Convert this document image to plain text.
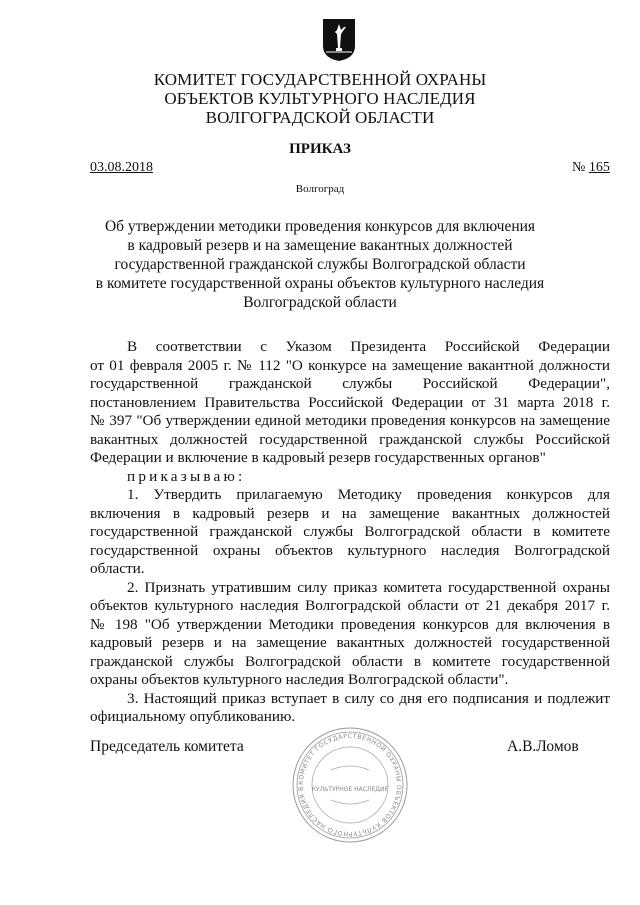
КОМИТЕТ ГОСУДАРСТВЕННОЙ ОХРАНЫ
ОБЪЕКТОВ КУЛЬТУРНОГО НАСЛЕДИЯ
ВОЛГОГРАДСКОЙ ОБЛАСТИ
ПРИКАЗ
03.08.2018	№ 165
Волгоград
Об утверждении методики проведения конкурсов для включения
в кадровый резерв и на замещение вакантных должностей
государственной гражданской службы Волгоградской области
в комитете государственной охраны объектов культурного наследия
Волгоградской области

В соответствии с Указом Президента Российской Федерации

от 01 февраля 2005 г. № 112 "О конкурсе на замещение вакантной должности

государственной гражданской службы Российской Федерации",

постановлением Правительства Российской Федерации от 31 марта 2018 г.

№ 397 "Об утверждении единой методики проведения конкурсов на замещение

вакантных должностей государственной гражданской службы Российской

Федерации и включение в кадровый резерв государственных органов"

приказываю:

1. Утвердить прилагаемую Методику проведения конкурсов для

включения в кадровый резерв и на замещение вакантных должностей

государственной гражданской службы Волгоградской области в комитете

государственной охраны объектов культурного наследия Волгоградской

области.

2. Признать утратившим силу приказ комитета государственной охраны

объектов культурного наследия Волгоградской области от 21 декабря 2017 г.

№ 198 "Об утверждении Методики проведения конкурсов для включения в

кадровый резерв и на замещение вакантных должностей государственной

гражданской службы Волгоградской области в комитете государственной

охраны объектов культурного наследия Волгоградской области".

3. Настоящий приказ вступает в силу со дня его подписания и подлежит

официальному опубликованию.

Председатель комитета	А.В.Ломов
КОМИТЕТ ГОСУДАРСТВЕННОЙ ОХРАНЫ ОБЪЕКТОВ КУЛЬТУРНОГО НАСЛЕДИЯ В	КУЛЬТУРНОЕ НАСЛЕДИЕ
